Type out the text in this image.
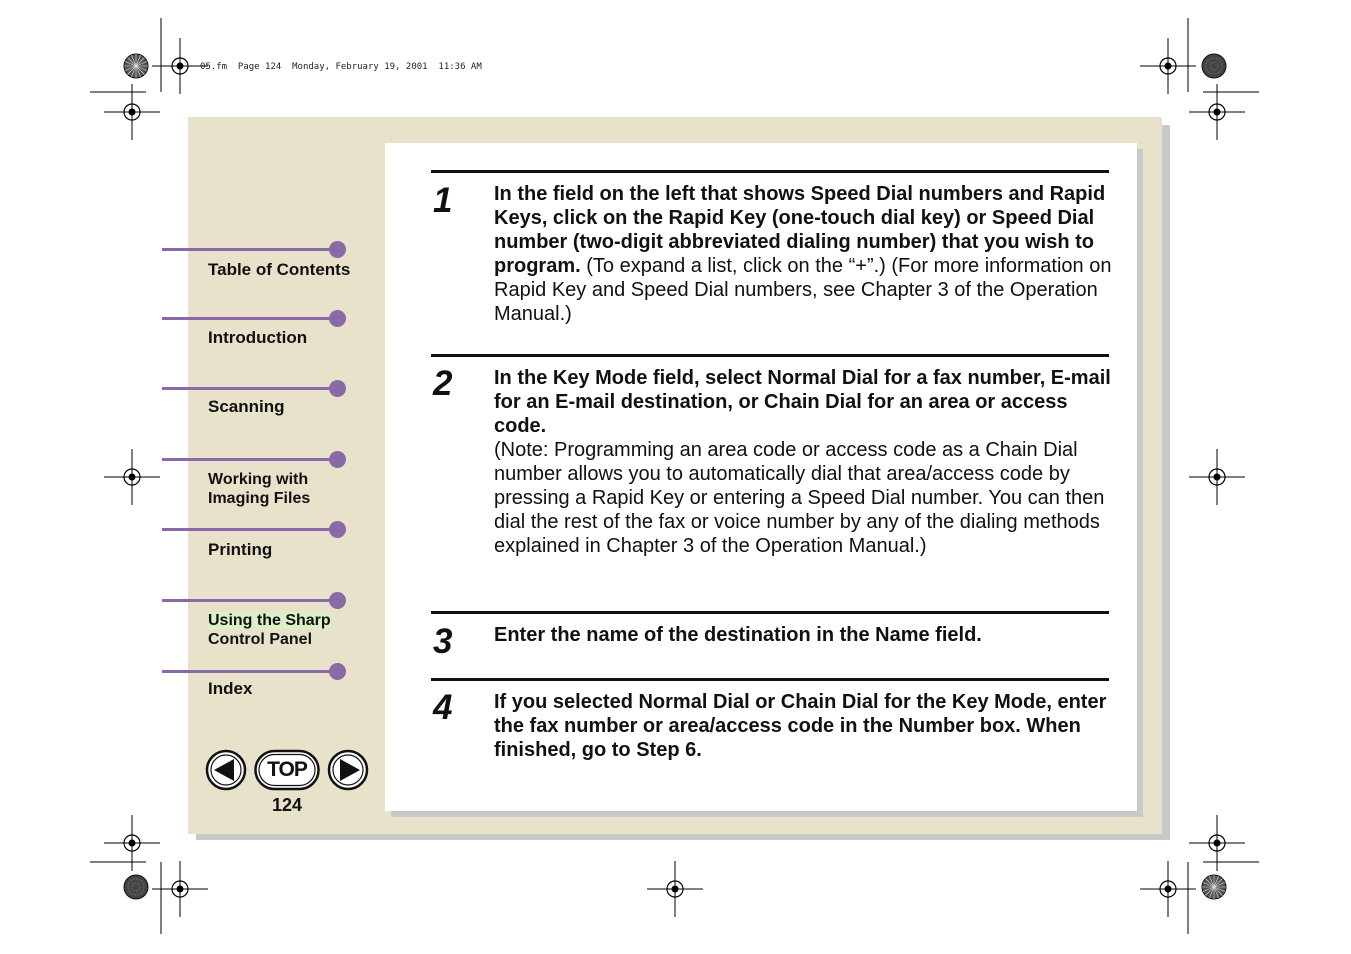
05.fm  Page 124  Monday, February 19, 2001  11:36 AM
Table of Contents
Introduction
Scanning
Working with
Imaging Files
Printing
Using the Sharp
Control Panel
Index
TOP
124
1 In the field on the left that shows Speed Dial numbers and Rapid Keys, click on the Rapid Key (one-touch dial key) or Speed Dial number (two-digit abbreviated dialing number) that you wish to program. (To expand a list, click on the “+”.) (For more information on Rapid Key and Speed Dial numbers, see Chapter 3 of the Operation Manual.)
2 In the Key Mode field, select Normal Dial for a fax number, E-mail for an E-mail destination, or Chain Dial for an area or access code.
(Note: Programming an area code or access code as a Chain Dial number allows you to automatically dial that area/access code by pressing a Rapid Key or entering a Speed Dial number. You can then dial the rest of the fax or voice number by any of the dialing methods explained in Chapter 3 of the Operation Manual.)
3 Enter the name of the destination in the Name field.
4 If you selected Normal Dial or Chain Dial for the Key Mode, enter the fax number or area/access code in the Number box. When finished, go to Step 6.
